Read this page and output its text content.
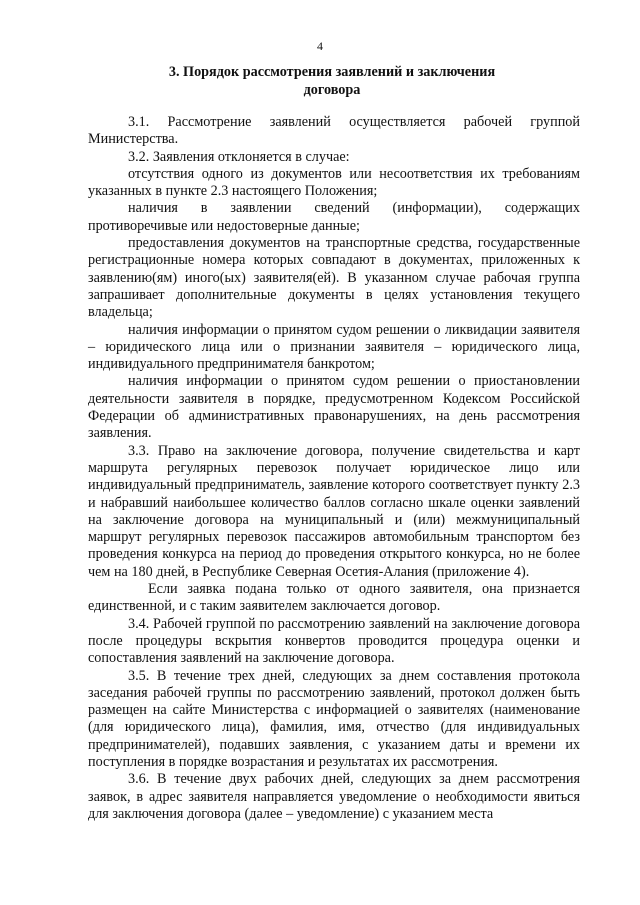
4
3. Порядок рассмотрения заявлений и заключения
договора

3.1. Рассмотрение заявлений осуществляется рабочей группой Министерства.

3.2. Заявления отклоняется в случае:

отсутствия одного из документов или несоответствия их требованиям указанных в пункте 2.3 настоящего Положения;

наличия в заявлении сведений (информации), содержащих противоречивые или недостоверные данные;

предоставления документов на транспортные средства, государственные регистрационные номера которых совпадают в документах, приложенных к заявлению(ям) иного(ых) заявителя(ей). В указанном случае рабочая группа запрашивает дополнительные документы в целях установления текущего владельца;

наличия информации о принятом судом решении о ликвидации заявителя – юридического лица или о признании заявителя – юридического лица, индивидуального предпринимателя банкротом;

наличия информации о принятом судом решении о приостановлении деятельности заявителя в порядке, предусмотренном Кодексом Российской Федерации об административных правонарушениях, на день рассмотрения заявления.

3.3. Право на заключение договора, получение свидетельства и карт маршрута регулярных перевозок получает юридическое лицо или индивидуальный предприниматель, заявление которого соответствует пункту 2.3 и набравший наибольшее количество баллов согласно шкале оценки заявлений на заключение договора на муниципальный и (или) межмуниципальный маршрут регулярных перевозок пассажиров автомобильным транспортом без проведения конкурса на период до проведения открытого конкурса, но не более чем на 180 дней, в Республике Северная Осетия-Алания (приложение 4).

Если заявка подана только от одного заявителя, она признается единственной, и с таким заявителем заключается договор.

3.4. Рабочей группой по рассмотрению заявлений на заключение договора после процедуры вскрытия конвертов проводится процедура оценки и сопоставления заявлений на заключение договора.

3.5. В течение трех дней, следующих за днем составления протокола заседания рабочей группы по рассмотрению заявлений, протокол должен быть размещен на сайте Министерства с информацией о заявителях (наименование (для юридического лица), фамилия, имя, отчество (для индивидуальных предпринимателей), подавших заявления, с указанием даты и времени их поступления в порядке возрастания и результатах их рассмотрения.

3.6. В течение двух рабочих дней, следующих за днем рассмотрения заявок, в адрес заявителя направляется уведомление о необходимости явиться для заключения договора (далее – уведомление) с указанием места
